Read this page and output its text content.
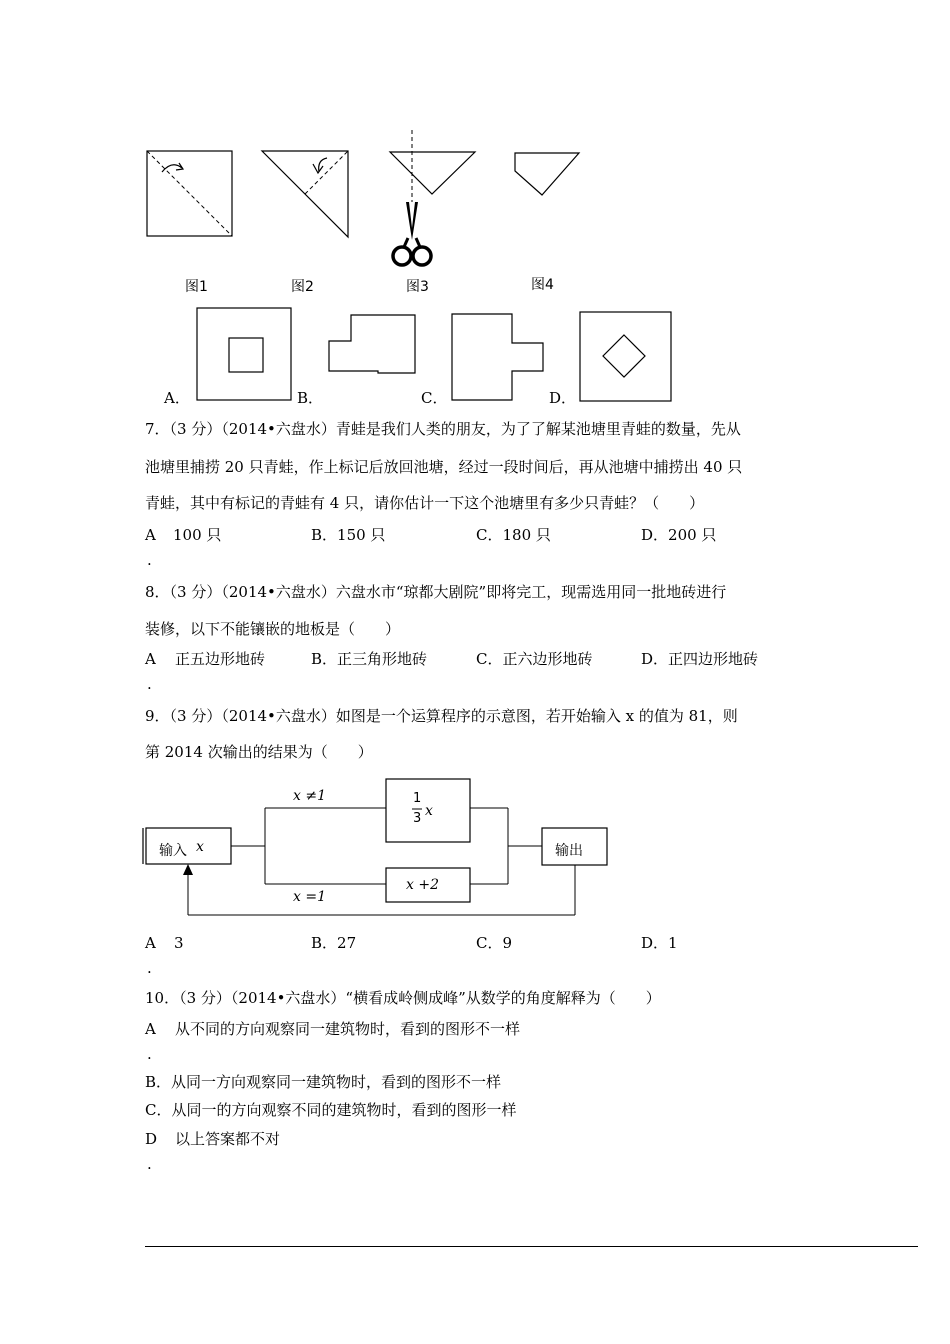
图1	图2	图3	图4
A．	B．	C．	D．
7．（3 分）（2014•六盘水）青蛙是我们人类的朋友，为了了解某池塘里青蛙的数量，先从
池塘里捕捞 20 只青蛙，作上标记后放回池塘，经过一段时间后，再从池塘中捕捞出 40 只
青蛙，其中有标记的青蛙有 4 只，请你估计一下这个池塘里有多少只青蛙？（　　）
A 100 只	B．150 只	C．180 只	D．200 只
.
8．（3 分）（2014•六盘水）六盘水市“琼都大剧院”即将完工，现需选用同一批地砖进行
装修，以下不能镶嵌的地板是（　　）
A 正五边形地砖	B．正三角形地砖	C．正六边形地砖	D．正四边形地砖
.
9．（3 分）（2014•六盘水）如图是一个运算程序的示意图，若开始输入 x 的值为 81，则
第 2014 次输出的结果为（　　）
输入 x
x ≠1
x =1
1
3 x
x +2
输出
A 3	B．27	C．9	D．1
.
10．（3 分）（2014•六盘水）“横看成岭侧成峰”从数学的角度解释为（　　）
A 从不同的方向观察同一建筑物时，看到的图形不一样
.
B．从同一方向观察同一建筑物时，看到的图形不一样
C．从同一的方向观察不同的建筑物时，看到的图形一样
D 以上答案都不对
.
